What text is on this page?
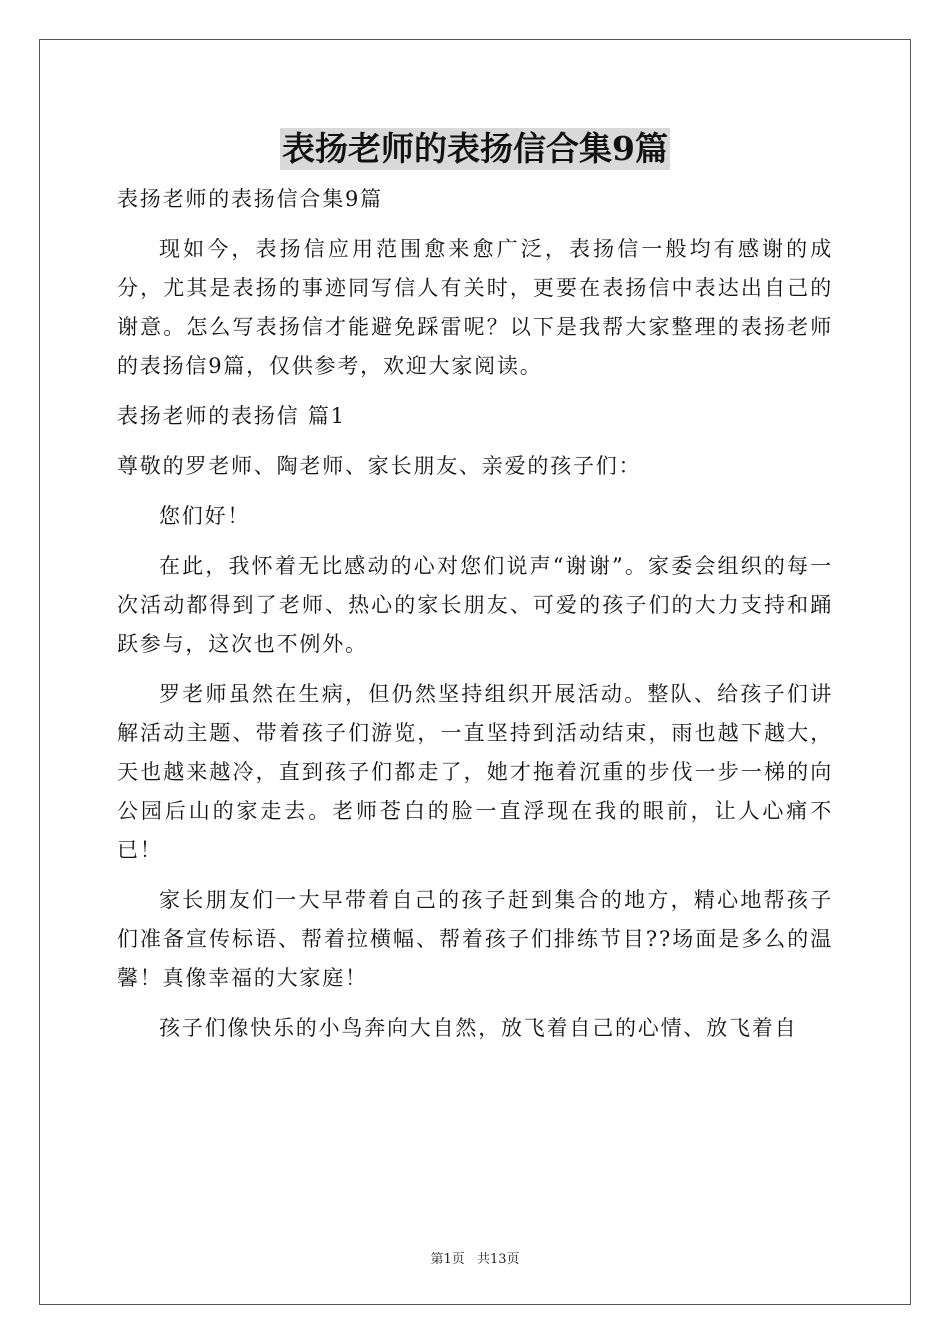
表扬老师的表扬信合集9篇

表扬老师的表扬信合集9篇

现如今，表扬信应用范围愈来愈广泛，表扬信一般均有感谢的成分，尤其是表扬的事迹同写信人有关时，更要在表扬信中表达出自己的谢意。怎么写表扬信才能避免踩雷呢？以下是我帮大家整理的表扬老师的表扬信9篇，仅供参考，欢迎大家阅读。

表扬老师的表扬信 篇1

尊敬的罗老师、陶老师、家长朋友、亲爱的孩子们：

您们好！

在此，我怀着无比感动的心对您们说声“谢谢”。家委会组织的每一次活动都得到了老师、热心的家长朋友、可爱的孩子们的大力支持和踊跃参与，这次也不例外。

罗老师虽然在生病，但仍然坚持组织开展活动。整队、给孩子们讲解活动主题、带着孩子们游览，一直坚持到活动结束，雨也越下越大，天也越来越冷，直到孩子们都走了，她才拖着沉重的步伐一步一梯的向公园后山的家走去。老师苍白的脸一直浮现在我的眼前，让人心痛不已！

家长朋友们一大早带着自己的孩子赶到集合的地方，精心地帮孩子们准备宣传标语、帮着拉横幅、帮着孩子们排练节目??场面是多么的温馨！真像幸福的大家庭！

孩子们像快乐的小鸟奔向大自然，放飞着自己的心情、放飞着自

第1页 共13页
